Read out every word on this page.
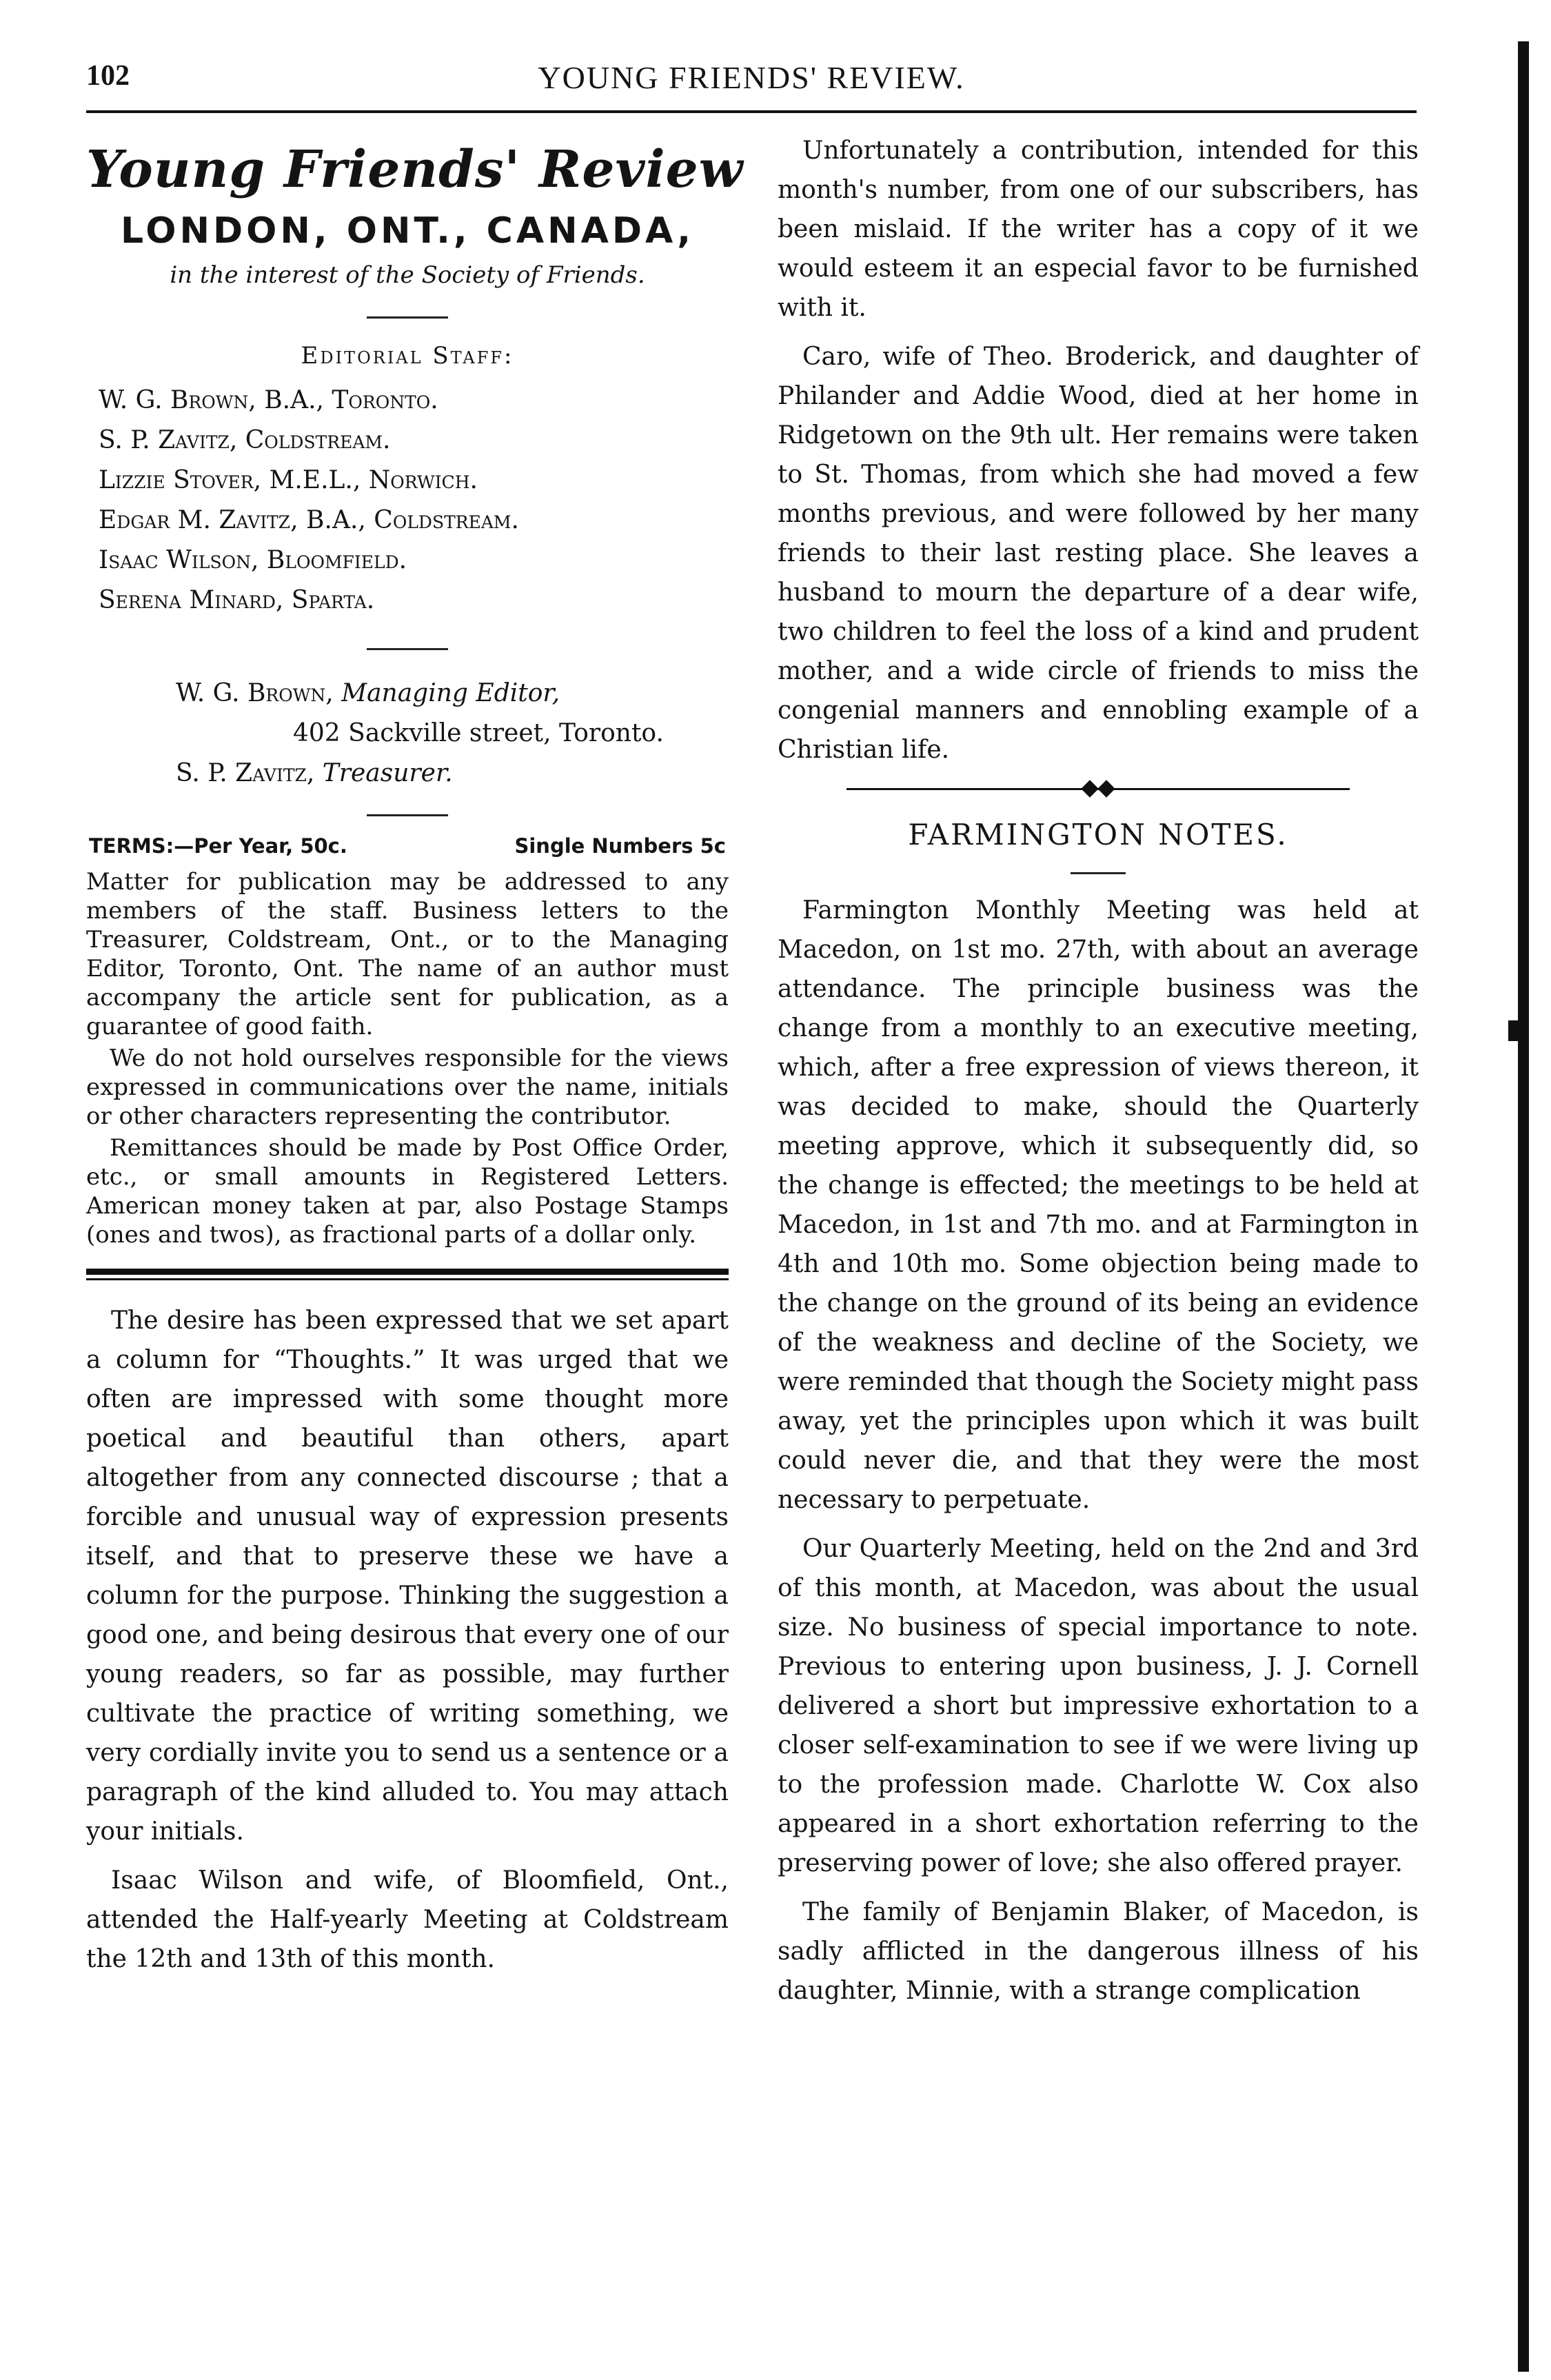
102	YOUNG FRIENDS' REVIEW.
Young Friends' Review
LONDON, ONT., CANADA,
in the interest of the Society of Friends.
Editorial Staff:
W. G. Brown, B.A., Toronto.
S. P. Zavitz, Coldstream.
Lizzie Stover, M.E.L., Norwich.
Edgar M. Zavitz, B.A., Coldstream.
Isaac Wilson, Bloomfield.
Serena Minard, Sparta.
W. G. Brown, Managing Editor,
402 Sackville street, Toronto.
S. P. Zavitz, Treasurer.
TERMS:—Per Year, 50c.	Single Numbers 5c

Matter for publication may be addressed to any members of the staff. Business letters to the Treasurer, Coldstream, Ont., or to the Managing Editor, Toronto, Ont. The name of an author must accompany the article sent for publication, as a guarantee of good faith.

We do not hold ourselves responsible for the views expressed in communications over the name, initials or other characters representing the contributor.

Remittances should be made by Post Office Order, etc., or small amounts in Registered Letters. American money taken at par, also Postage Stamps (ones and twos), as fractional parts of a dollar only.

The desire has been expressed that we set apart a column for “Thoughts.” It was urged that we often are impressed with some thought more poetical and beautiful than others, apart altogether from any connected discourse ; that a forcible and unusual way of expression presents itself, and that to preserve these we have a column for the purpose. Thinking the suggestion a good one, and being desirous that every one of our young readers, so far as possible, may further cultivate the practice of writing something, we very cordially invite you to send us a sentence or a paragraph of the kind alluded to. You may attach your initials.

Isaac Wilson and wife, of Bloomfield, Ont., attended the Half-yearly Meeting at Coldstream the 12th and 13th of this month.

Unfortunately a contribution, intended for this month's number, from one of our subscribers, has been mislaid. If the writer has a copy of it we would esteem it an especial favor to be furnished with it.

Caro, wife of Theo. Broderick, and daughter of Philander and Addie Wood, died at her home in Ridgetown on the 9th ult. Her remains were taken to St. Thomas, from which she had moved a few months previous, and were followed by her many friends to their last resting place. She leaves a husband to mourn the departure of a dear wife, two children to feel the loss of a kind and prudent mother, and a wide circle of friends to miss the congenial manners and ennobling example of a Christian life.

FARMINGTON NOTES.

Farmington Monthly Meeting was held at Macedon, on 1st mo. 27th, with about an average attendance. The principle business was the change from a monthly to an executive meeting, which, after a free expression of views thereon, it was decided to make, should the Quarterly meeting approve, which it subsequently did, so the change is effected; the meetings to be held at Macedon, in 1st and 7th mo. and at Farmington in 4th and 10th mo. Some objection being made to the change on the ground of its being an evidence of the weakness and decline of the Society, we were reminded that though the Society might pass away, yet the principles upon which it was built could never die, and that they were the most necessary to perpetuate.

Our Quarterly Meeting, held on the 2nd and 3rd of this month, at Macedon, was about the usual size. No business of special importance to note. Previous to entering upon business, J. J. Cornell delivered a short but impressive exhortation to a closer self-examination to see if we were living up to the profession made. Charlotte W. Cox also appeared in a short exhortation referring to the preserving power of love; she also offered prayer.

The family of Benjamin Blaker, of Macedon, is sadly afflicted in the dangerous illness of his daughter, Minnie, with a strange complication
